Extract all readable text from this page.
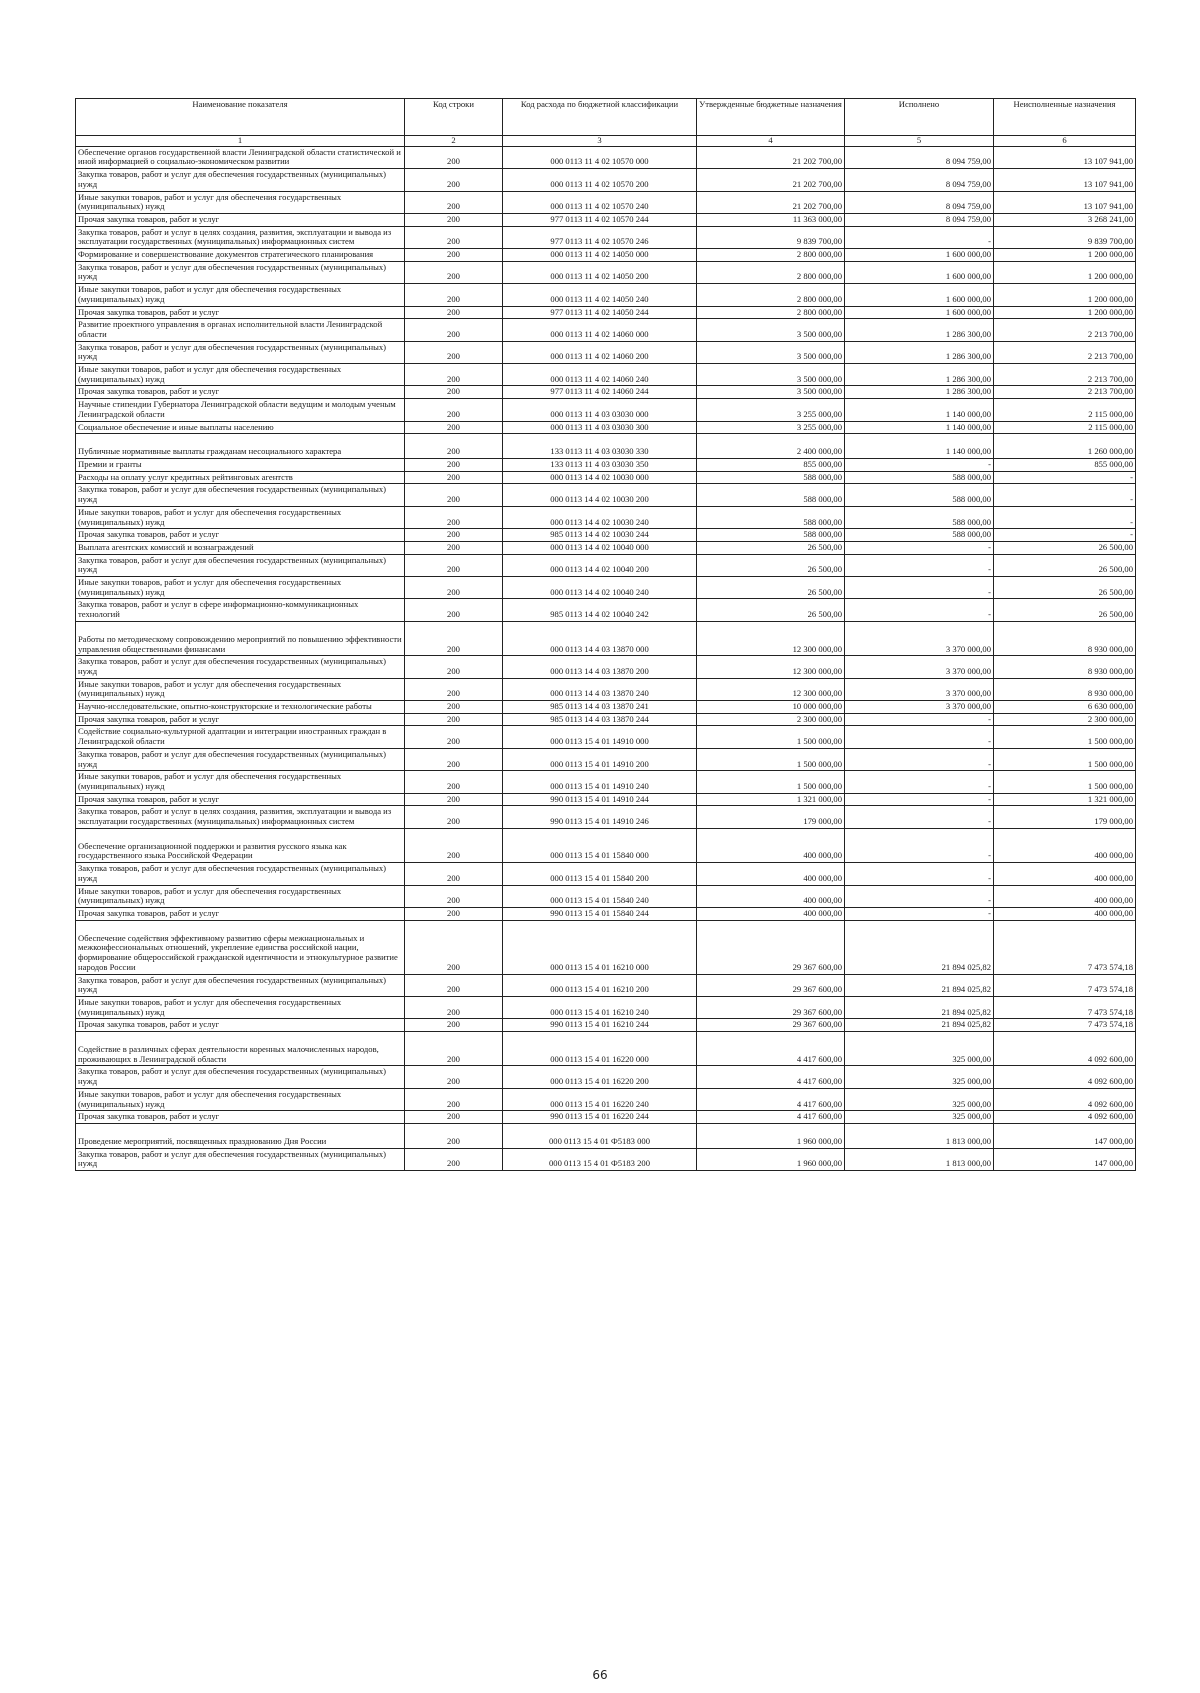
Наименование показателя	Код строки	Код расхода по бюджетной классификации	Утвержденные бюджетные назначения	Исполнено	Неисполненные назначения
1	2	3	4	5	6
Обеспечение органов государственной власти Ленинградской области статистической и иной информацией о социально-экономическом развитии	200	000 0113 11 4 02 10570 000	21 202 700,00	8 094 759,00	13 107 941,00
Закупка товаров, работ и услуг для обеспечения государственных (муниципальных) нужд	200	000 0113 11 4 02 10570 200	21 202 700,00	8 094 759,00	13 107 941,00
Иные закупки товаров, работ и услуг для обеспечения государственных (муниципальных) нужд	200	000 0113 11 4 02 10570 240	21 202 700,00	8 094 759,00	13 107 941,00
Прочая закупка товаров, работ и услуг	200	977 0113 11 4 02 10570 244	11 363 000,00	8 094 759,00	3 268 241,00
Закупка товаров, работ и услуг в целях создания, развития, эксплуатации и вывода из эксплуатации государственных (муниципальных) информационных систем	200	977 0113 11 4 02 10570 246	9 839 700,00	-	9 839 700,00
Формирование и совершенствование документов стратегического планирования	200	000 0113 11 4 02 14050 000	2 800 000,00	1 600 000,00	1 200 000,00
Закупка товаров, работ и услуг для обеспечения государственных (муниципальных) нужд	200	000 0113 11 4 02 14050 200	2 800 000,00	1 600 000,00	1 200 000,00
Иные закупки товаров, работ и услуг для обеспечения государственных (муниципальных) нужд	200	000 0113 11 4 02 14050 240	2 800 000,00	1 600 000,00	1 200 000,00
Прочая закупка товаров, работ и услуг	200	977 0113 11 4 02 14050 244	2 800 000,00	1 600 000,00	1 200 000,00
Развитие проектного управления в органах исполнительной власти Ленинградской области	200	000 0113 11 4 02 14060 000	3 500 000,00	1 286 300,00	2 213 700,00
Закупка товаров, работ и услуг для обеспечения государственных (муниципальных) нужд	200	000 0113 11 4 02 14060 200	3 500 000,00	1 286 300,00	2 213 700,00
Иные закупки товаров, работ и услуг для обеспечения государственных (муниципальных) нужд	200	000 0113 11 4 02 14060 240	3 500 000,00	1 286 300,00	2 213 700,00
Прочая закупка товаров, работ и услуг	200	977 0113 11 4 02 14060 244	3 500 000,00	1 286 300,00	2 213 700,00
Научные стипендии Губернатора Ленинградской области ведущим и молодым ученым Ленинградской области	200	000 0113 11 4 03 03030 000	3 255 000,00	1 140 000,00	2 115 000,00
Социальное обеспечение и иные выплаты населению	200	000 0113 11 4 03 03030 300	3 255 000,00	1 140 000,00	2 115 000,00
Публичные нормативные выплаты гражданам несоциального характера	200	133 0113 11 4 03 03030 330	2 400 000,00	1 140 000,00	1 260 000,00
Премии и гранты	200	133 0113 11 4 03 03030 350	855 000,00	-	855 000,00
Расходы на оплату услуг кредитных рейтинговых агентств	200	000 0113 14 4 02 10030 000	588 000,00	588 000,00	-
Закупка товаров, работ и услуг для обеспечения государственных (муниципальных) нужд	200	000 0113 14 4 02 10030 200	588 000,00	588 000,00	-
Иные закупки товаров, работ и услуг для обеспечения государственных (муниципальных) нужд	200	000 0113 14 4 02 10030 240	588 000,00	588 000,00	-
Прочая закупка товаров, работ и услуг	200	985 0113 14 4 02 10030 244	588 000,00	588 000,00	-
Выплата агентских комиссий и вознаграждений	200	000 0113 14 4 02 10040 000	26 500,00	-	26 500,00
Закупка товаров, работ и услуг для обеспечения государственных (муниципальных) нужд	200	000 0113 14 4 02 10040 200	26 500,00	-	26 500,00
Иные закупки товаров, работ и услуг для обеспечения государственных (муниципальных) нужд	200	000 0113 14 4 02 10040 240	26 500,00	-	26 500,00
Закупка товаров, работ и услуг в сфере информационно-коммуникационных технологий	200	985 0113 14 4 02 10040 242	26 500,00	-	26 500,00
Работы по методическому сопровождению мероприятий по повышению эффективности управления общественными финансами	200	000 0113 14 4 03 13870 000	12 300 000,00	3 370 000,00	8 930 000,00
Закупка товаров, работ и услуг для обеспечения государственных (муниципальных) нужд	200	000 0113 14 4 03 13870 200	12 300 000,00	3 370 000,00	8 930 000,00
Иные закупки товаров, работ и услуг для обеспечения государственных (муниципальных) нужд	200	000 0113 14 4 03 13870 240	12 300 000,00	3 370 000,00	8 930 000,00
Научно-исследовательские, опытно-конструкторские и технологические работы	200	985 0113 14 4 03 13870 241	10 000 000,00	3 370 000,00	6 630 000,00
Прочая закупка товаров, работ и услуг	200	985 0113 14 4 03 13870 244	2 300 000,00	-	2 300 000,00
Содействие социально-культурной адаптации и интеграции иностранных граждан в Ленинградской области	200	000 0113 15 4 01 14910 000	1 500 000,00	-	1 500 000,00
Закупка товаров, работ и услуг для обеспечения государственных (муниципальных) нужд	200	000 0113 15 4 01 14910 200	1 500 000,00	-	1 500 000,00
Иные закупки товаров, работ и услуг для обеспечения государственных (муниципальных) нужд	200	000 0113 15 4 01 14910 240	1 500 000,00	-	1 500 000,00
Прочая закупка товаров, работ и услуг	200	990 0113 15 4 01 14910 244	1 321 000,00	-	1 321 000,00
Закупка товаров, работ и услуг в целях создания, развития, эксплуатации и вывода из эксплуатации государственных (муниципальных) информационных систем	200	990 0113 15 4 01 14910 246	179 000,00	-	179 000,00
Обеспечение организационной поддержки и развития русского языка как государственного языка Российской Федерации	200	000 0113 15 4 01 15840 000	400 000,00	-	400 000,00
Закупка товаров, работ и услуг для обеспечения государственных (муниципальных) нужд	200	000 0113 15 4 01 15840 200	400 000,00	-	400 000,00
Иные закупки товаров, работ и услуг для обеспечения государственных (муниципальных) нужд	200	000 0113 15 4 01 15840 240	400 000,00	-	400 000,00
Прочая закупка товаров, работ и услуг	200	990 0113 15 4 01 15840 244	400 000,00	-	400 000,00
Обеспечение содействия эффективному развитию сферы межнациональных и межконфессиональных отношений, укрепление единства российской нации, формирование общероссийской гражданской идентичности и этнокультурное развитие народов России	200	000 0113 15 4 01 16210 000	29 367 600,00	21 894 025,82	7 473 574,18
Закупка товаров, работ и услуг для обеспечения государственных (муниципальных) нужд	200	000 0113 15 4 01 16210 200	29 367 600,00	21 894 025,82	7 473 574,18
Иные закупки товаров, работ и услуг для обеспечения государственных (муниципальных) нужд	200	000 0113 15 4 01 16210 240	29 367 600,00	21 894 025,82	7 473 574,18
Прочая закупка товаров, работ и услуг	200	990 0113 15 4 01 16210 244	29 367 600,00	21 894 025,82	7 473 574,18
Содействие в различных сферах деятельности коренных малочисленных народов, проживающих в Ленинградской области	200	000 0113 15 4 01 16220 000	4 417 600,00	325 000,00	4 092 600,00
Закупка товаров, работ и услуг для обеспечения государственных (муниципальных) нужд	200	000 0113 15 4 01 16220 200	4 417 600,00	325 000,00	4 092 600,00
Иные закупки товаров, работ и услуг для обеспечения государственных (муниципальных) нужд	200	000 0113 15 4 01 16220 240	4 417 600,00	325 000,00	4 092 600,00
Прочая закупка товаров, работ и услуг	200	990 0113 15 4 01 16220 244	4 417 600,00	325 000,00	4 092 600,00
Проведение мероприятий, посвященных празднованию Дня России	200	000 0113 15 4 01 Ф5183 000	1 960 000,00	1 813 000,00	147 000,00
Закупка товаров, работ и услуг для обеспечения государственных (муниципальных) нужд	200	000 0113 15 4 01 Ф5183 200	1 960 000,00	1 813 000,00	147 000,00
66
